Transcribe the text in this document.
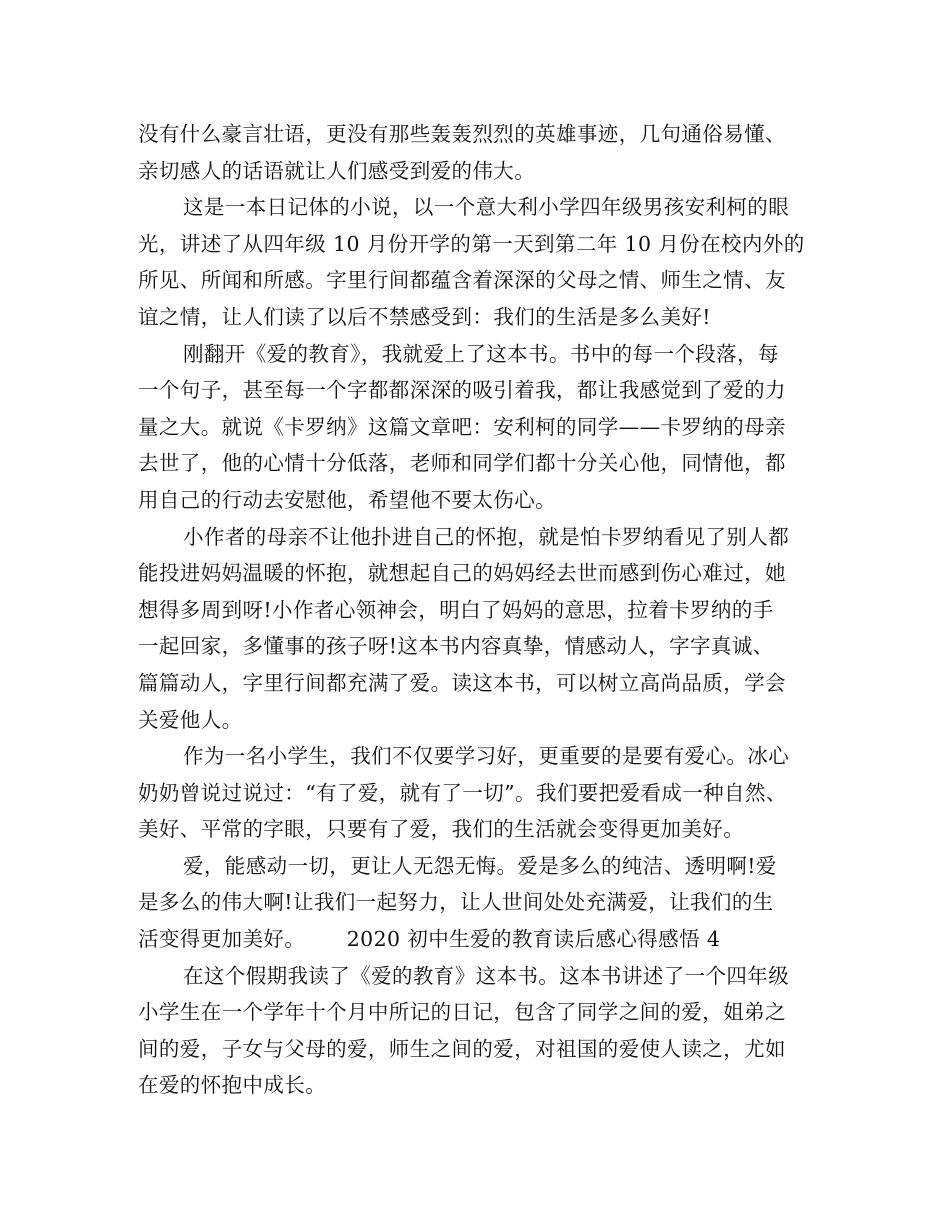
没有什么豪言壮语，更没有那些轰轰烈烈的英雄事迹，几句通俗易懂、
亲切感人的话语就让人们感受到爱的伟大。
这是一本日记体的小说，以一个意大利小学四年级男孩安利柯的眼
光，讲述了从四年级 10 月份开学的第一天到第二年 10 月份在校内外的
所见、所闻和所感。字里行间都蕴含着深深的父母之情、师生之情、友
谊之情，让人们读了以后不禁感受到：我们的生活是多么美好!
刚翻开《爱的教育》，我就爱上了这本书。书中的每一个段落，每
一个句子，甚至每一个字都都深深的吸引着我，都让我感觉到了爱的力
量之大。就说《卡罗纳》这篇文章吧：安利柯的同学——卡罗纳的母亲
去世了，他的心情十分低落，老师和同学们都十分关心他，同情他，都
用自己的行动去安慰他，希望他不要太伤心。
小作者的母亲不让他扑进自己的怀抱，就是怕卡罗纳看见了别人都
能投进妈妈温暖的怀抱，就想起自己的妈妈经去世而感到伤心难过，她
想得多周到呀!小作者心领神会，明白了妈妈的意思，拉着卡罗纳的手
一起回家，多懂事的孩子呀!这本书内容真挚，情感动人，字字真诚、
篇篇动人，字里行间都充满了爱。读这本书，可以树立高尚品质，学会
关爱他人。
作为一名小学生，我们不仅要学习好，更重要的是要有爱心。冰心
奶奶曾说过说过：“有了爱，就有了一切”。我们要把爱看成一种自然、
美好、平常的字眼，只要有了爱，我们的生活就会变得更加美好。
爱，能感动一切，更让人无怨无悔。爱是多么的纯洁、透明啊!爱
是多么的伟大啊!让我们一起努力，让人世间处处充满爱，让我们的生
活变得更加美好。      2020 初中生爱的教育读后感心得感悟 4
在这个假期我读了《爱的教育》这本书。这本书讲述了一个四年级
小学生在一个学年十个月中所记的日记，包含了同学之间的爱，姐弟之
间的爱，子女与父母的爱，师生之间的爱，对祖国的爱使人读之，尤如
在爱的怀抱中成长。
